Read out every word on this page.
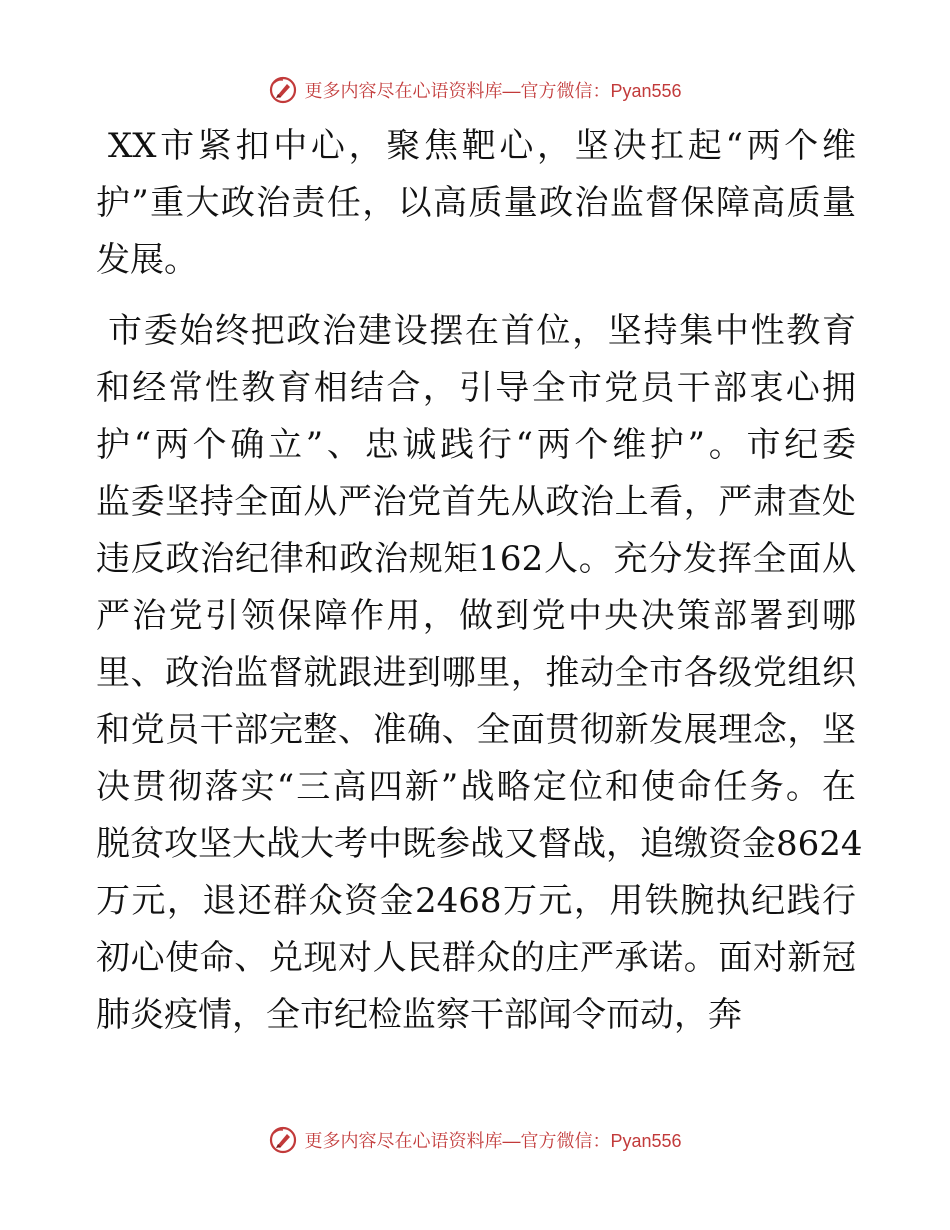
更多内容尽在心语资料库—官方微信：Pyan556
XX市紧扣中心，聚焦靶心，坚决扛起“两个维
护”重大政治责任，以高质量政治监督保障高质量
发展。
市委始终把政治建设摆在首位，坚持集中性教育
和经常性教育相结合，引导全市党员干部衷心拥
护“两个确立”、忠诚践行“两个维护”。市纪委
监委坚持全面从严治党首先从政治上看，严肃查处
违反政治纪律和政治规矩162人。充分发挥全面从
严治党引领保障作用，做到党中央决策部署到哪
里、政治监督就跟进到哪里，推动全市各级党组织
和党员干部完整、准确、全面贯彻新发展理念，坚
决贯彻落实“三高四新”战略定位和使命任务。在
脱贫攻坚大战大考中既参战又督战，追缴资金8624
万元，退还群众资金2468万元，用铁腕执纪践行
初心使命、兑现对人民群众的庄严承诺。面对新冠
肺炎疫情，全市纪检监察干部闻令而动，奔
更多内容尽在心语资料库—官方微信：Pyan556
